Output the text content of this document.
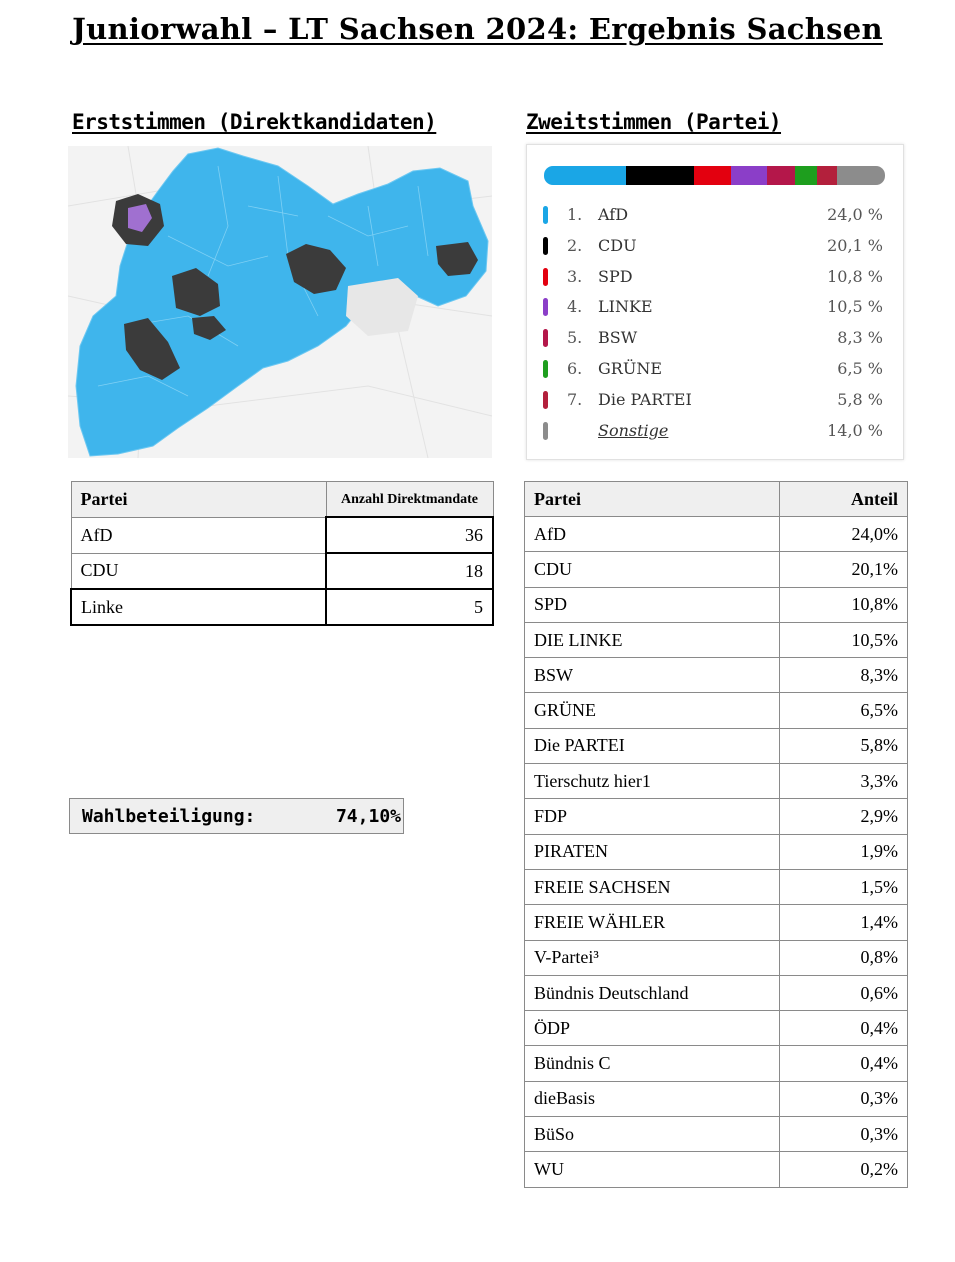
Juniorwahl – LT Sachsen 2024: Ergebnis Sachsen
Erststimmen (Direktkandidaten)	Zweitstimmen (Partei)
1. AfD	24,0 %
2. CDU	20,1 %
3. SPD	10,8 %
4. LINKE	10,5 %
5. BSW	8,3 %
6. GRÜNE	6,5 %
7. Die PARTEI	5,8 %
Sonstige	14,0 %
Partei	Anzahl Direktmandate
AfD	36
CDU	18
Linke	5
Wahlbeteiligung:	74,10%
Partei	Anteil
AfD	24,0%
CDU	20,1%
SPD	10,8%
DIE LINKE	10,5%
BSW	8,3%
GRÜNE	6,5%
Die PARTEI	5,8%
Tierschutz hier1	3,3%
FDP	2,9%
PIRATEN	1,9%
FREIE SACHSEN	1,5%
FREIE WÄHLER	1,4%
V-Partei³	0,8%
Bündnis Deutschland	0,6%
ÖDP	0,4%
Bündnis C	0,4%
dieBasis	0,3%
BüSo	0,3%
WU	0,2%
